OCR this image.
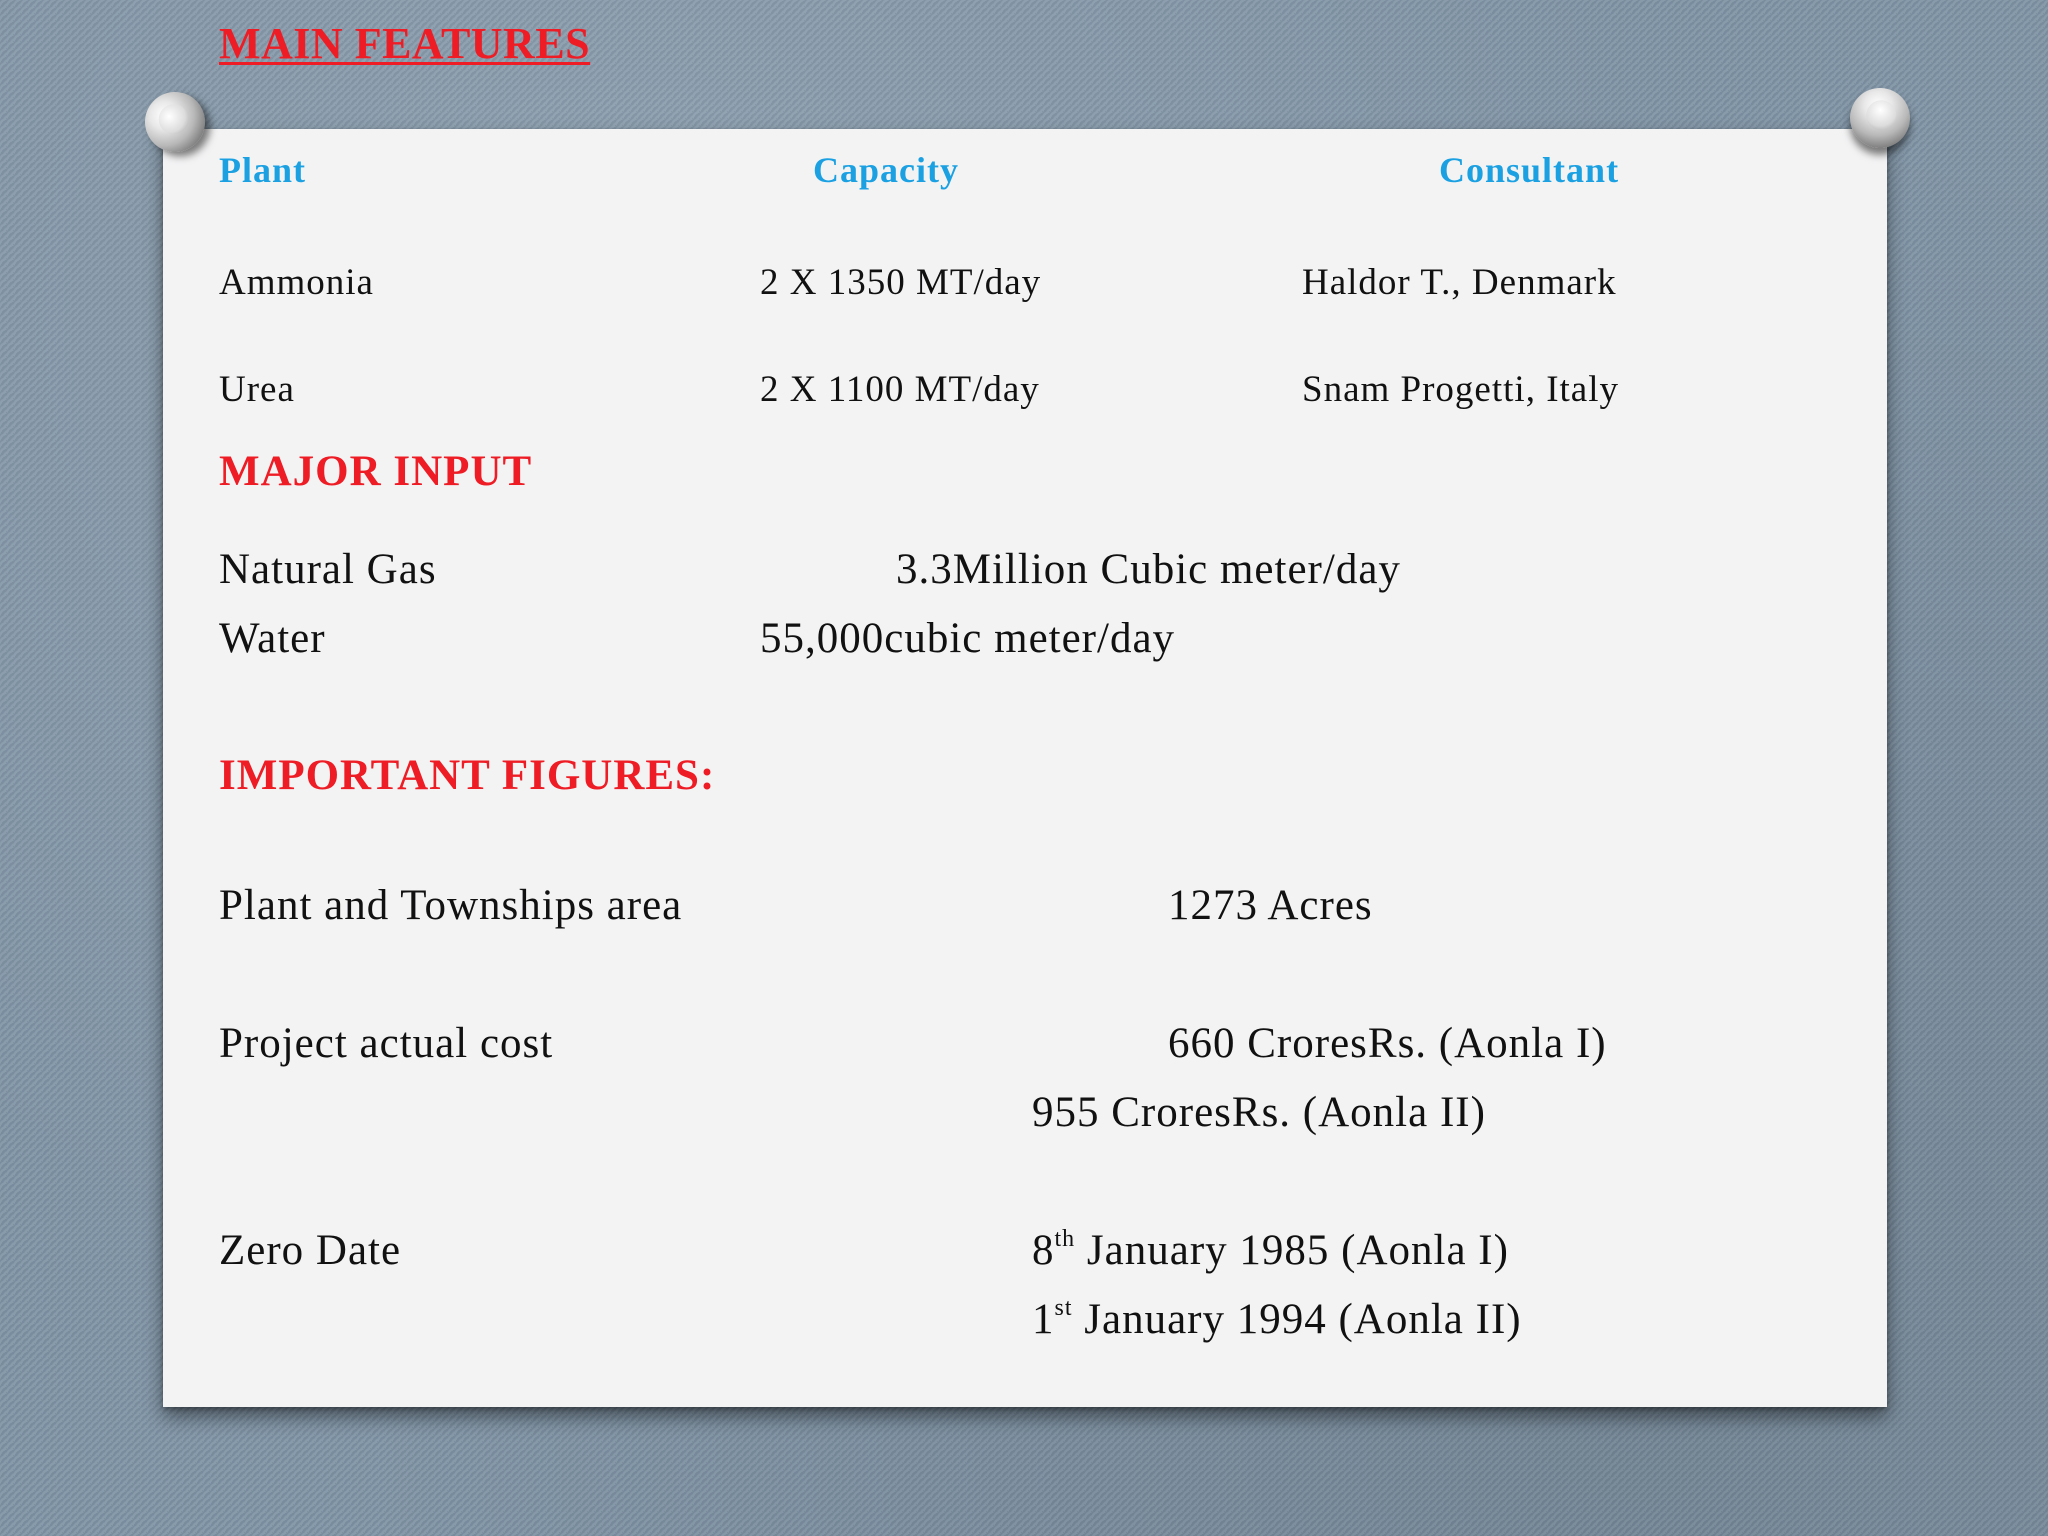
MAIN FEATURES
Plant	Capacity	Consultant
Ammonia	2 X 1350 MT/day	Haldor T., Denmark
Urea	2 X 1100 MT/day	Snam Progetti, Italy
MAJOR INPUT
Natural Gas	3.3Million Cubic meter/day
Water	55,000cubic meter/day
IMPORTANT FIGURES:
Plant and Townships area	1273 Acres
Project actual cost	660 CroresRs. (Aonla I)
955 CroresRs. (Aonla II)
Zero Date	8th January 1985 (Aonla I)
1st January 1994 (Aonla II)
